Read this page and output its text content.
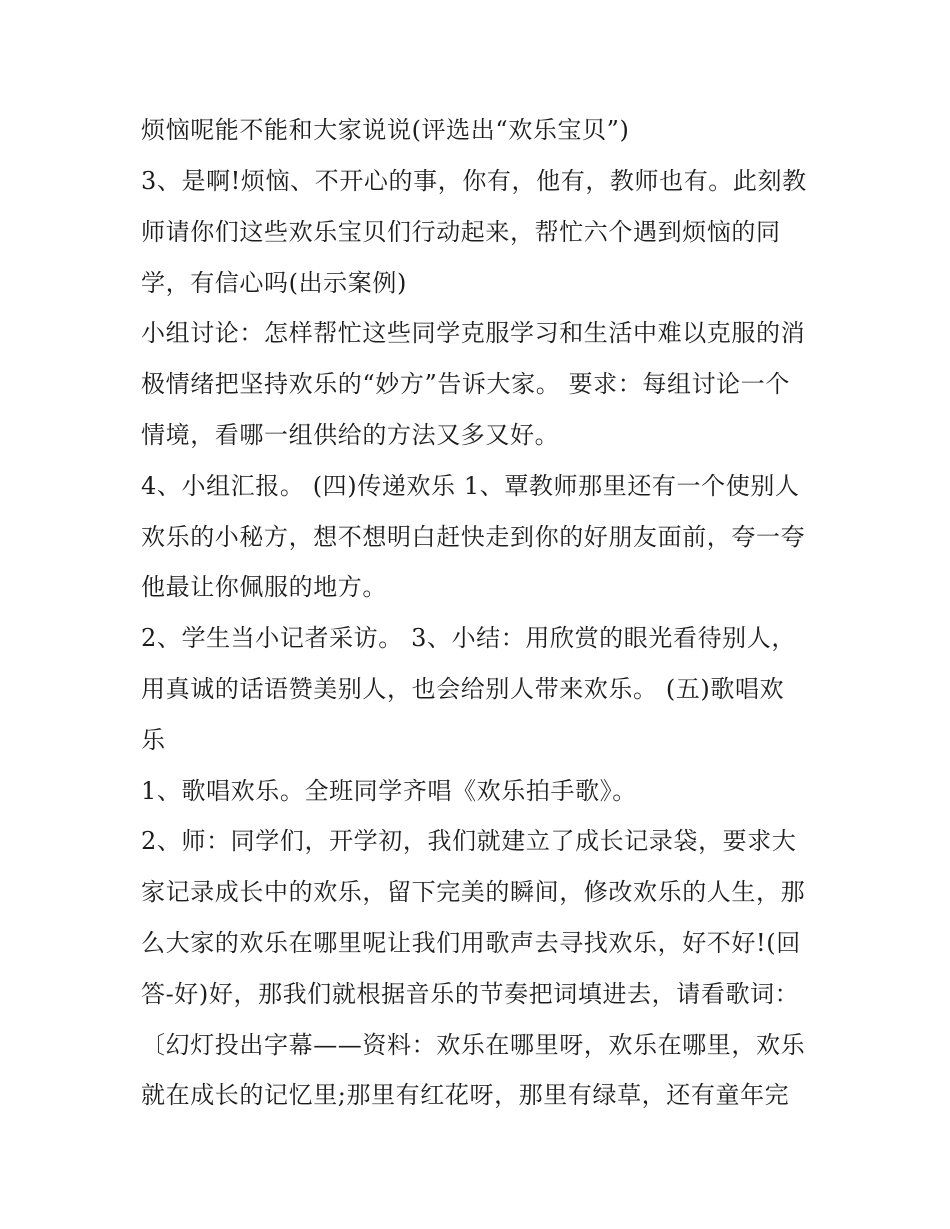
烦恼呢能不能和大家说说(评选出“欢乐宝贝”)
3、是啊!烦恼、不开心的事，你有，他有，教师也有。此刻教
师请你们这些欢乐宝贝们行动起来，帮忙六个遇到烦恼的同
学，有信心吗(出示案例)
小组讨论：怎样帮忙这些同学克服学习和生活中难以克服的消
极情绪把坚持欢乐的“妙方”告诉大家。 要求：每组讨论一个
情境，看哪一组供给的方法又多又好。
4、小组汇报。 (四)传递欢乐 1、覃教师那里还有一个使别人
欢乐的小秘方，想不想明白赶快走到你的好朋友面前，夸一夸
他最让你佩服的地方。
2、学生当小记者采访。 3、小结：用欣赏的眼光看待别人，
用真诚的话语赞美别人，也会给别人带来欢乐。 (五)歌唱欢
乐
1、歌唱欢乐。全班同学齐唱《欢乐拍手歌》。
2、师：同学们，开学初，我们就建立了成长记录袋，要求大
家记录成长中的欢乐，留下完美的瞬间，修改欢乐的人生，那
么大家的欢乐在哪里呢让我们用歌声去寻找欢乐，好不好!(回
答-好)好，那我们就根据音乐的节奏把词填进去，请看歌词：
〔幻灯投出字幕——资料：欢乐在哪里呀，欢乐在哪里，欢乐
就在成长的记忆里;那里有红花呀，那里有绿草，还有童年完
